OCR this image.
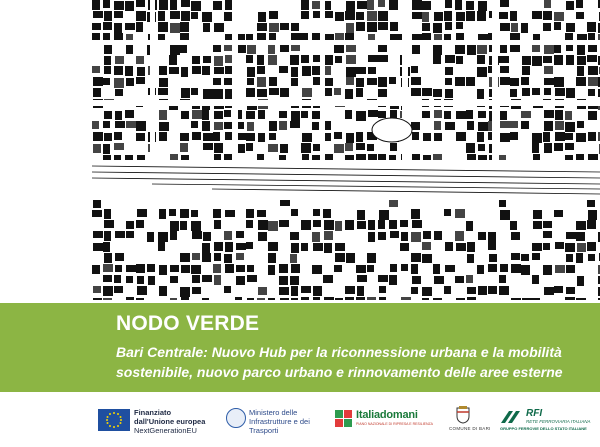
NODO VERDE
Bari Centrale: Nuovo Hub per la riconnessione urbana e la mobilità
sostenibile, nuovo parco urbano e rinnovamento delle aree esterne
Finanziato
dall'Unione europea
NextGenerationEU
Ministero delle
Infrastrutture e dei
Trasporti
Italiadomani
PIANO NAZIONALE DI RIPRESA E RESILIENZA
COMUNE DI BARI
RFI
RETE FERROVIARIA ITALIANA
GRUPPO FERROVIE DELLO STATO ITALIANE
